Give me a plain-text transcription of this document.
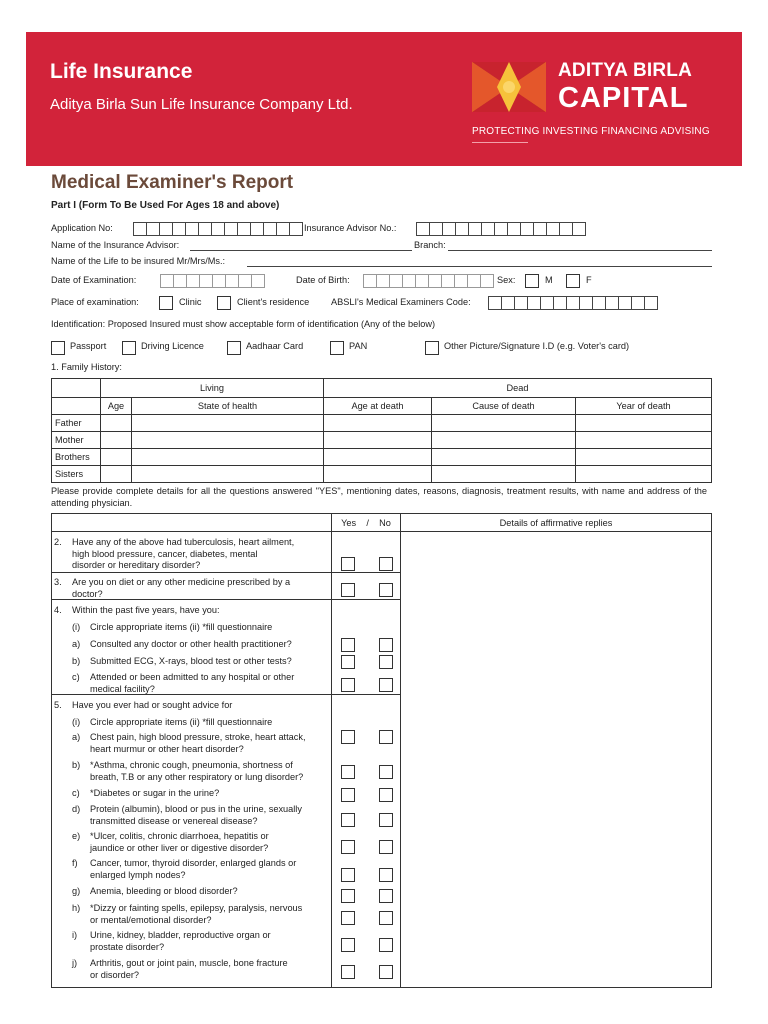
Life Insurance
Aditya Birla Sun Life Insurance Company Ltd.
ADITYA BIRLA
CAPITAL
PROTECTING INVESTING FINANCING ADVISING
Medical Examiner's Report
Part I (Form To Be Used For Ages 18 and above)
Application No:	Insurance Advisor No.:
Name of the Insurance Advisor:	Branch:
Name of the Life to be insured Mr/Mrs/Ms.:
Date of Examination:	Date of Birth:	Sex:	M	F
Place of examination:	Clinic	Client's residence ABSLI's Medical Examiners Code:
Identification: Proposed Insured must show acceptable form of identification (Any of the below)
Passport	Driving Licence	Aadhaar Card	PAN	Other Picture/Signature I.D (e.g. Voter's card)
1. Family History:
	Living		Dead		
	Age	State of health	Age at death	Cause of death	Year of death
Father					
Mother					
Brothers					
Sisters					
Please provide complete details for all the questions answered "YES", mentioning dates, reasons, diagnosis, treatment results, with name and address of the attending physician.
	Yes / No	Details of affirmative replies

2. Have any of the above had tuberculosis, heart ailment,
high blood pressure, cancer, diabetes, mental
disorder or hereditary disorder?
3. Are you on diet or any other medicine prescribed by a
doctor?
4. Within the past five years, have you:
(i) Circle appropriate items (ii) *fill questionnaire
a) Consulted any doctor or other health practitioner?
b) Submitted ECG, X-rays, blood test or other tests?
c) Attended or been admitted to any hospital or other
medical facility?
5. Have you ever had or sought advice for
(i) Circle appropriate items (ii) *fill questionnaire
a) Chest pain, high blood pressure, stroke, heart attack,
heart murmur or other heart disorder?
b) *Asthma, chronic cough, pneumonia, shortness of
breath, T.B or any other respiratory or lung disorder?
c) *Diabetes or sugar in the urine?
d) Protein (albumin), blood or pus in the urine, sexually
transmitted disease or venereal disease?
e) *Ulcer, colitis, chronic diarrhoea, hepatitis or
jaundice or other liver or digestive disorder?
f) Cancer, tumor, thyroid disorder, enlarged glands or
enlarged lymph nodes?
g) Anemia, bleeding or blood disorder?
h) *Dizzy or fainting spells, epilepsy, paralysis, nervous
or mental/emotional disorder?
i) Urine, kidney, bladder, reproductive organ or
prostate disorder?
j) Arthritis, gout or joint pain, muscle, bone fracture
or disorder?
